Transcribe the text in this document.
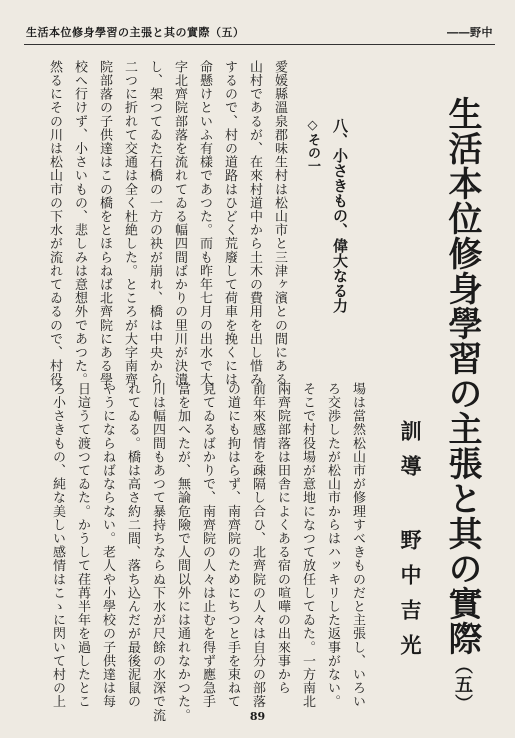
生活本位修身學習の主張と其の實際（五）	――野中
生活本位修身學習の主張と其の實際（五）
訓導 野中吉光
八、小さきもの、偉大なる力
◇その一
愛媛縣溫泉郡味生村は松山市と三津ヶ濱との間にある
山村であるが、在來村道中から土木の費用を出し惜み
するので、村の道路はひどく荒廢して荷車を挽くには
命懸けといふ有樣であつた。而も昨年七月の出水で大
字北齊院部落を流れてゐる幅四間ばかりの里川が決潰
し、架つてゐた石橋の一方の袂が崩れ、橋は中央から
二つに折れて交通は全く杜絶した。ところが大字南齊
院部落の子供達はこの橋をとほらねば北齊院にある學
校へ行けず、小さいもの、悲しみは意想外であつた。
然るにその川は松山市の下水が流れてゐるので、村役
場は當然松山市が修理すべきものだと主張し、いろい
ろ交渉したが松山市からはハッキリした返事がない。
そこで村役場が意地になつて放任してゐた。一方南北
兩齊院部落は田舎によくある宿の喧嘩の出來事から
前年來感情を疎隔し合ひ、北齊院の人々は自分の部落
の道にも拘はらず、南齊院のためにちつと手を束ねて
見てゐるばかりで、南齊院の人々は止むを得ず應急手
當を加へたが、無論危險で人間以外には通れなかつた。
川は幅四間もあつて暴持ちならぬ下水が尺餘の水深で流
れてゐる。橋は高さ約二間、落ち込んだが最後泥鼠の
やうにならねばならない。老人や小學校の子供達は每
日這うて渡つてゐた。かうして荏苒半年を過したとこ
ろ小さきもの、純な美しい感情はこゝに閃いて村の上
89
